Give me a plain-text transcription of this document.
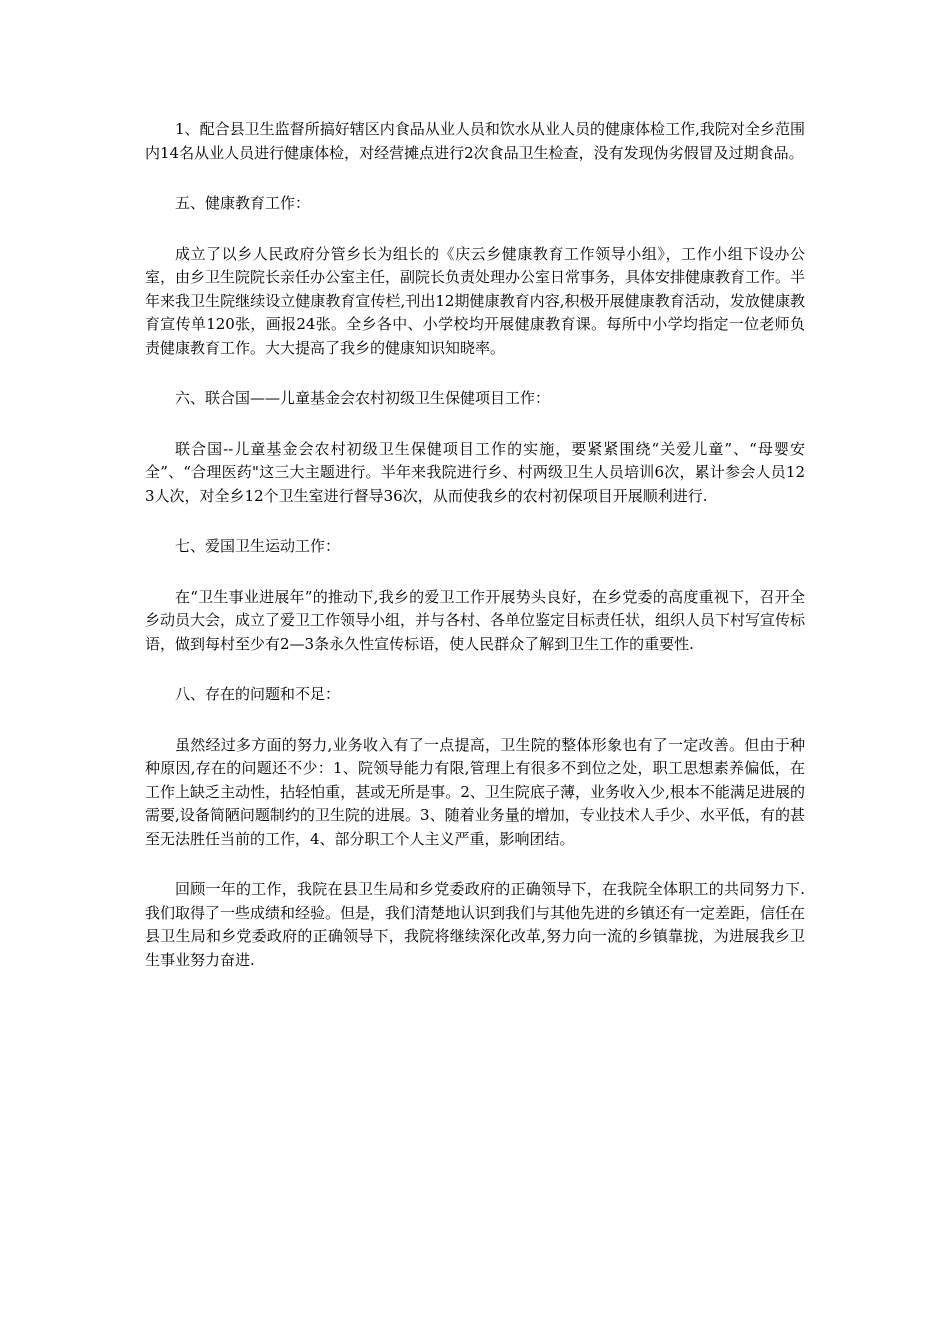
1、配合县卫生监督所搞好辖区内食品从业人员和饮水从业人员的健康体检工作,我院对全乡范围内14名从业人员进行健康体检，对经营摊点进行2次食品卫生检查，没有发现伪劣假冒及过期食品。

五、健康教育工作：

成立了以乡人民政府分管乡长为组长的《庆云乡健康教育工作领导小组》，工作小组下设办公室，由乡卫生院院长亲任办公室主任，副院长负责处理办公室日常事务，具体安排健康教育工作。半年来我卫生院继续设立健康教育宣传栏,刊出12期健康教育内容,积极开展健康教育活动，发放健康教育宣传单120张，画报24张。全乡各中、小学校均开展健康教育课。每所中小学均指定一位老师负责健康教育工作。大大提高了我乡的健康知识知晓率。

六、联合国——儿童基金会农村初级卫生保健项目工作：

联合国--儿童基金会农村初级卫生保健项目工作的实施，要紧紧围绕“关爱儿童”、“母婴安全”、“合理医药"这三大主题进行。半年来我院进行乡、村两级卫生人员培训6次，累计参会人员123人次，对全乡12个卫生室进行督导36次，从而使我乡的农村初保项目开展顺利进行.

七、爱国卫生运动工作：

在“卫生事业进展年”的推动下,我乡的爱卫工作开展势头良好，在乡党委的高度重视下，召开全乡动员大会，成立了爱卫工作领导小组，并与各村、各单位鉴定目标责任状，组织人员下村写宣传标语，做到每村至少有2—3条永久性宣传标语，使人民群众了解到卫生工作的重要性.

八、存在的问题和不足：

虽然经过多方面的努力,业务收入有了一点提高，卫生院的整体形象也有了一定改善。但由于种种原因,存在的问题还不少：1、院领导能力有限,管理上有很多不到位之处，职工思想素养偏低，在工作上缺乏主动性，拈轻怕重，甚或无所是事。2、卫生院底子薄，业务收入少,根本不能满足进展的需要,设备简陋问题制约的卫生院的进展。3、随着业务量的增加，专业技术人手少、水平低，有的甚至无法胜任当前的工作，4、部分职工个人主义严重，影响团结。

回顾一年的工作，我院在县卫生局和乡党委政府的正确领导下，在我院全体职工的共同努力下.我们取得了一些成绩和经验。但是，我们清楚地认识到我们与其他先进的乡镇还有一定差距，信任在县卫生局和乡党委政府的正确领导下，我院将继续深化改革,努力向一流的乡镇靠拢，为进展我乡卫生事业努力奋进.
